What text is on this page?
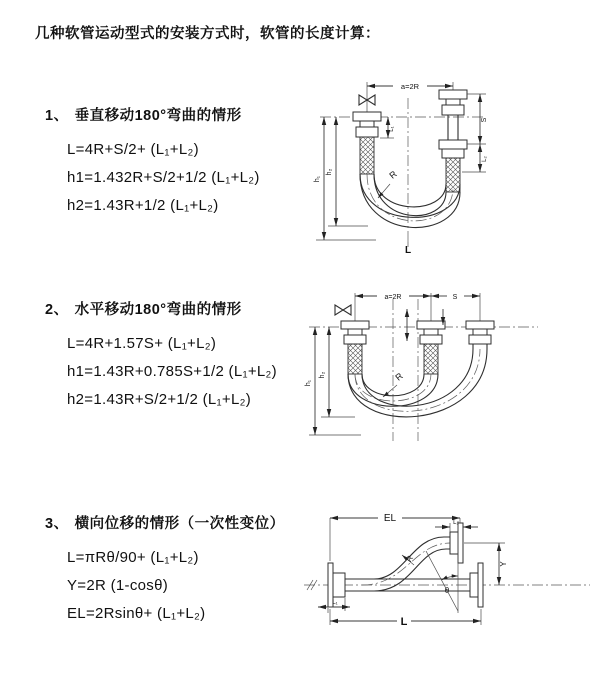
几种软管运动型式的安装方式时，软管的长度计算：
1、 垂直移动180°弯曲的情形
L=4R+S/2+ (L₁+L₂)
h1=1.432R+S/2+1/2 (L₁+L₂)
h2=1.43R+1/2 (L₁+L₂)
2、 水平移动180°弯曲的情形
L=4R+1.57S+ (L₁+L₂)
h1=1.43R+0.785S+1/2 (L₁+L₂)
h2=1.43R+S/2+1/2 (L₁+L₂)
3、 横向位移的情形（一次性变位）
L=πRθ/90+ (L₁+L₂)
Y=2R (1-cosθ)
EL=2Rsinθ+ (L₁+L₂)
a=2R
R
h₁
h₂
L₁
S
L₂
L
a=2R	S
R
h₁
h₂
EL	L₂
Y
θ
R
L₁
L
